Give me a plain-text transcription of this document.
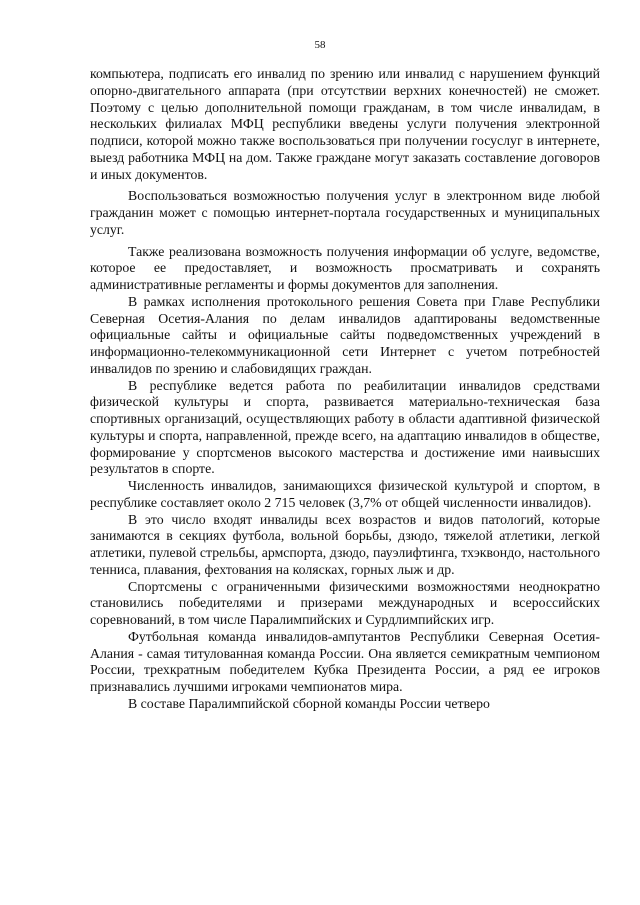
58

компьютера, подписать его инвалид по зрению или инвалид с нарушением функций опорно-двигательного аппарата (при отсутствии верхних конечностей) не сможет. Поэтому с целью дополнительной помощи гражданам, в том числе инвалидам, в нескольких филиалах МФЦ республики введены услуги получения электронной подписи, которой можно также воспользоваться при получении госуслуг в интернете, выезд работника МФЦ на дом. Также граждане могут заказать составление договоров и иных документов.

Воспользоваться возможностью получения услуг в электронном виде любой гражданин может с помощью интернет-портала государственных и муниципальных услуг.

Также реализована возможность получения информации об услуге, ведомстве, которое ее предоставляет, и возможность просматривать и сохранять административные регламенты и формы документов для заполнения.

В рамках исполнения протокольного решения Совета при Главе Республики Северная Осетия-Алания по делам инвалидов адаптированы ведомственные официальные сайты и официальные сайты подведомственных учреждений в информационно-телекоммуникационной сети Интернет с учетом потребностей инвалидов по зрению и слабовидящих граждан.

В республике ведется работа по реабилитации инвалидов средствами физической культуры и спорта, развивается материально-техническая база спортивных организаций, осуществляющих работу в области адаптивной физической культуры и спорта, направленной, прежде всего, на адаптацию инвалидов в обществе, формирование у спортсменов высокого мастерства и достижение ими наивысших результатов в спорте.

Численность инвалидов, занимающихся физической культурой и спортом, в республике составляет около 2 715 человек (3,7% от общей численности инвалидов).

В это число входят инвалиды всех возрастов и видов патологий, которые занимаются в секциях футбола, вольной борьбы, дзюдо, тяжелой атлетики, легкой атлетики, пулевой стрельбы, армспорта, дзюдо, пауэлифтинга, тхэквондо, настольного тенниса, плавания, фехтования на колясках, горных лыж и др.

Спортсмены с ограниченными физическими возможностями неоднократно становились победителями и призерами международных и всероссийских соревнований, в том числе Паралимпийских и Сурдлимпийских игр.

Футбольная команда инвалидов-ампутантов Республики Северная Осетия-Алания - самая титулованная команда России. Она является семикратным чемпионом России, трехкратным победителем Кубка Президента России, а ряд ее игроков признавались лучшими игроками чемпионатов мира.

В составе Паралимпийской сборной команды России четверо
